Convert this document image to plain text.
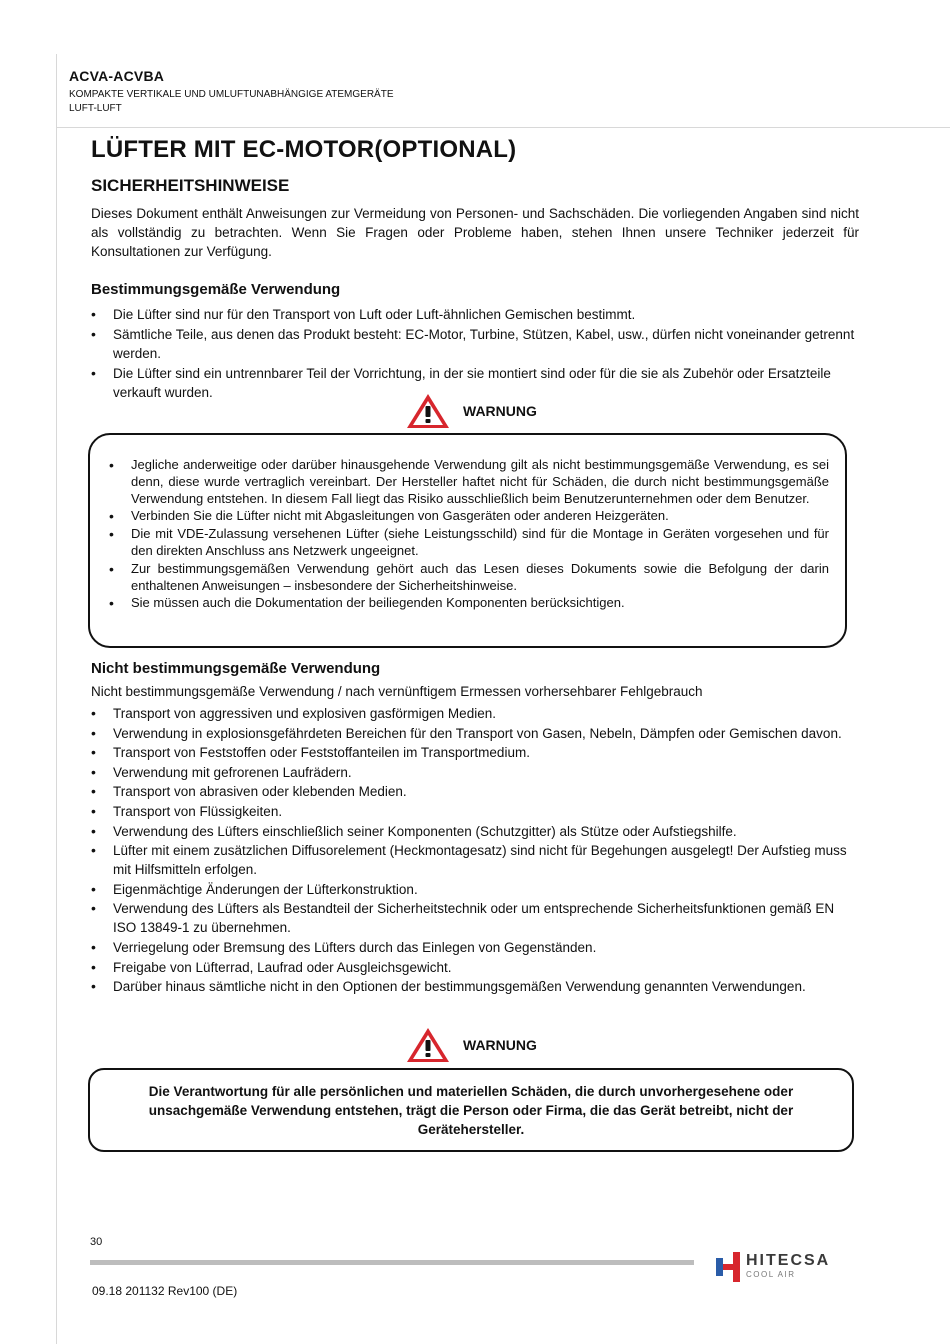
ACVA-ACVBA
KOMPAKTE VERTIKALE UND UMLUFTUNABHÄNGIGE ATEMGERÄTE
LUFT-LUFT
LÜFTER MIT EC-MOTOR(OPTIONAL)
SICHERHEITSHINWEISE

Dieses Dokument enthält Anweisungen zur Vermeidung von Personen- und Sachschäden. Die vorliegenden Angaben sind nicht als vollständig zu betrachten. Wenn Sie Fragen oder Probleme haben, stehen Ihnen unsere Techniker jederzeit für Konsultationen zur Verfügung.

Bestimmungsgemäße Verwendung
• Die Lüfter sind nur für den Transport von Luft oder Luft-ähnlichen Gemischen bestimmt.
• Sämtliche Teile, aus denen das Produkt besteht: EC-Motor, Turbine, Stützen, Kabel, usw., dürfen nicht voneinander getrennt werden.
• Die Lüfter sind ein untrennbarer Teil der Vorrichtung, in der sie montiert sind oder für die sie als Zubehör oder Ersatzteile verkauft wurden.
WARNUNG
• Jegliche anderweitige oder darüber hinausgehende Verwendung gilt als nicht bestimmungsgemäße Verwendung, es sei denn, diese wurde vertraglich vereinbart. Der Hersteller haftet nicht für Schäden, die durch nicht bestimmungsgemäße Verwendung entstehen. In diesem Fall liegt das Risiko ausschließlich beim Benutzerunternehmen oder dem Benutzer.
• Verbinden Sie die Lüfter nicht mit Abgasleitungen von Gasgeräten oder anderen Heizgeräten.
• Die mit VDE-Zulassung versehenen Lüfter (siehe Leistungsschild) sind für die Montage in Geräten vorgesehen und für den direkten Anschluss ans Netzwerk ungeeignet.
• Zur bestimmungsgemäßen Verwendung gehört auch das Lesen dieses Dokuments sowie die Befolgung der darin enthaltenen Anweisungen – insbesondere der Sicherheitshinweise.
• Sie müssen auch die Dokumentation der beiliegenden Komponenten berücksichtigen.
Nicht bestimmungsgemäße Verwendung
Nicht bestimmungsgemäße Verwendung / nach vernünftigem Ermessen vorhersehbarer Fehlgebrauch
• Transport von aggressiven und explosiven gasförmigen Medien.
• Verwendung in explosionsgefährdeten Bereichen für den Transport von Gasen, Nebeln, Dämpfen oder Gemischen davon.
• Transport von Feststoffen oder Feststoffanteilen im Transportmedium.
• Verwendung mit gefrorenen Laufrädern.
• Transport von abrasiven oder klebenden Medien.
• Transport von Flüssigkeiten.
• Verwendung des Lüfters einschließlich seiner Komponenten (Schutzgitter) als Stütze oder Aufstiegshilfe.
• Lüfter mit einem zusätzlichen Diffusorelement (Heckmontagesatz) sind nicht für Begehungen ausgelegt! Der Aufstieg muss mit Hilfsmitteln erfolgen.
• Eigenmächtige Änderungen der Lüfterkonstruktion.
• Verwendung des Lüfters als Bestandteil der Sicherheitstechnik oder um entsprechende Sicherheitsfunktionen gemäß EN ISO 13849-1 zu übernehmen.
• Verriegelung oder Bremsung des Lüfters durch das Einlegen von Gegenständen.
• Freigabe von Lüfterrad, Laufrad oder Ausgleichsgewicht.
• Darüber hinaus sämtliche nicht in den Optionen der bestimmungsgemäßen Verwendung genannten Verwendungen.
WARNUNG
Die Verantwortung für alle persönlichen und materiellen Schäden, die durch unvorhergesehene oder unsachgemäße Verwendung entstehen, trägt die Person oder Firma, die das Gerät betreibt, nicht der Gerätehersteller.
30
09.18 201132 Rev100 (DE)
HITECSA
COOL AIR
